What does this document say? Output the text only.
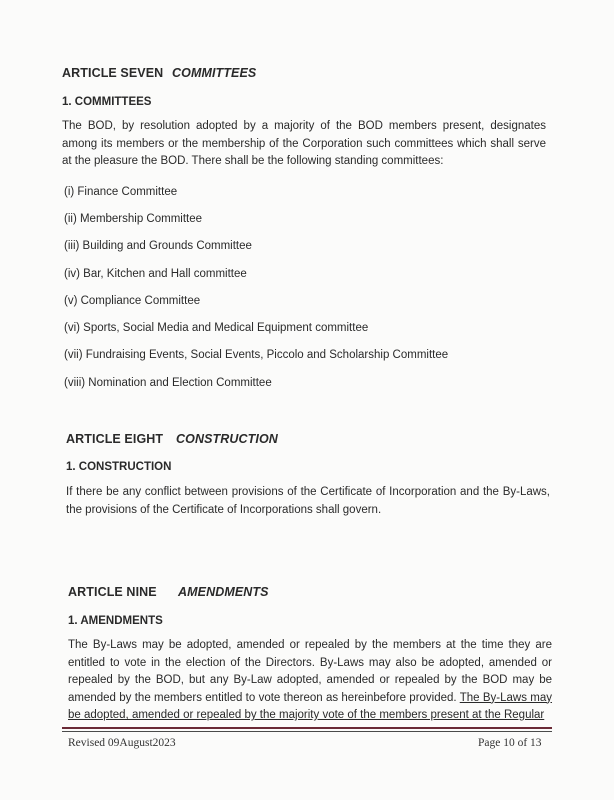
ARTICLE SEVEN COMMITTEES
1. COMMITTEES
The BOD, by resolution adopted by a majority of the BOD members present, designates among its members or the membership of the Corporation such committees which shall serve at the pleasure the BOD. There shall be the following standing committees:
(i) Finance Committee
(ii) Membership Committee
(iii) Building and Grounds Committee
(iv) Bar, Kitchen and Hall committee
(v) Compliance Committee
(vi) Sports, Social Media and Medical Equipment committee
(vii) Fundraising Events, Social Events, Piccolo and Scholarship Committee
(viii) Nomination and Election Committee
ARTICLE EIGHT CONSTRUCTION
1. CONSTRUCTION
If there be any conflict between provisions of the Certificate of Incorporation and the By-Laws, the provisions of the Certificate of Incorporations shall govern.
ARTICLE NINE AMENDMENTS
1. AMENDMENTS
The By-Laws may be adopted, amended or repealed by the members at the time they are entitled to vote in the election of the Directors. By-Laws may also be adopted, amended or repealed by the BOD, but any By-Law adopted, amended or repealed by the BOD may be amended by the members entitled to vote thereon as hereinbefore provided. The By-Laws may be adopted, amended or repealed by the majority vote of the members present at the Regular
Revised 09August2023	Page 10 of 13
